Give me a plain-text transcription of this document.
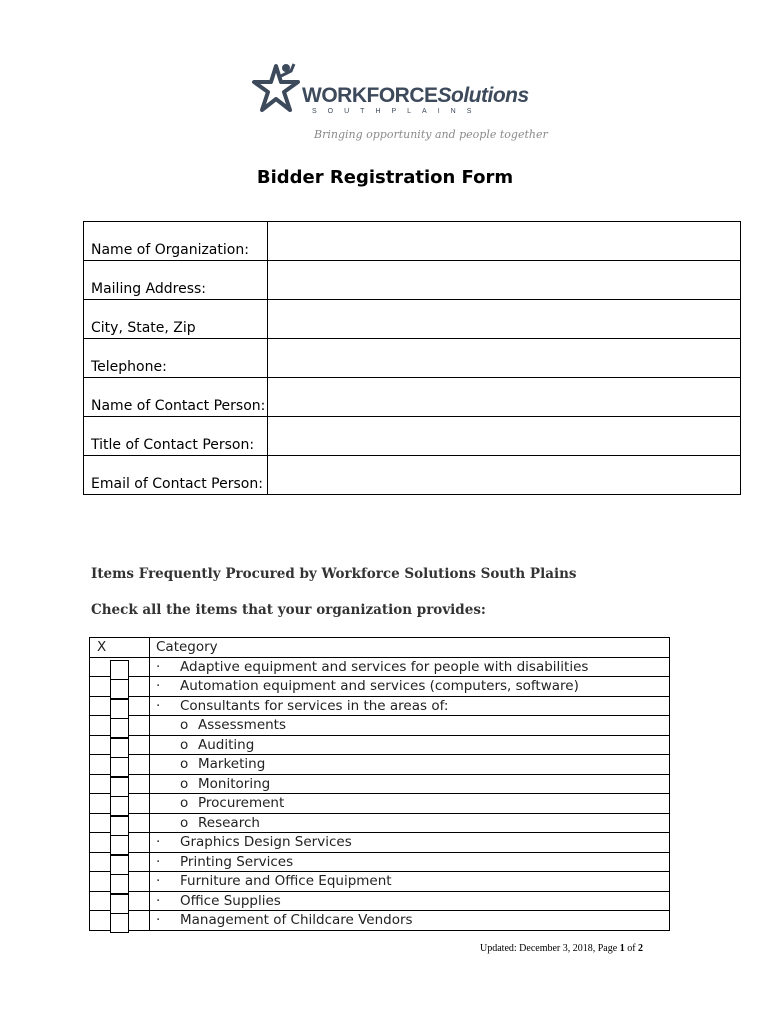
WORKFORCESolutions
SOUTHPLAINS
Bringing opportunity and people together
Bidder Registration Form
Name of Organization:	
Mailing Address:	
City, State, Zip	
Telephone:	
Name of Contact Person:	
Title of Contact Person:	
Email of Contact Person:	
Items Frequently Procured by Workforce Solutions South Plains
Check all the items that your organization provides:
X	Category

	· Adaptive equipment and services for people with disabilities

	· Automation equipment and services (computers, software)

	· Consultants for services in the areas of:

	o Assessments

	o Auditing

	o Marketing

	o Monitoring

	o Procurement

	o Research

	· Graphics Design Services

	· Printing Services

	· Furniture and Office Equipment

	· Office Supplies

	· Management of Childcare Vendors
Updated: December 3, 2018, Page 1 of 2
